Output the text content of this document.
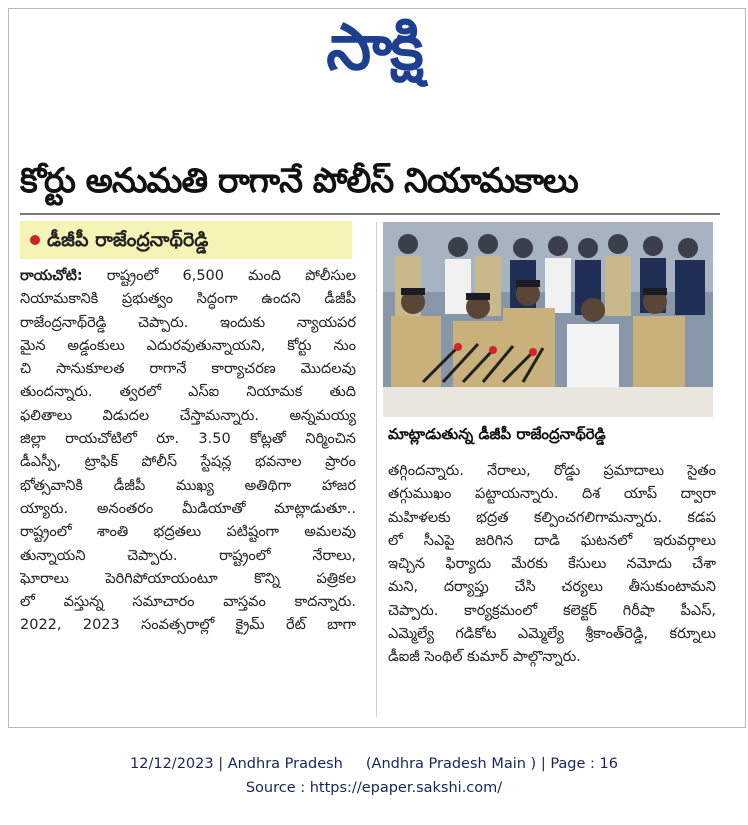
సాక్షి
కోర్టు అనుమతి రాగానే పోలీస్ నియామకాలు
డీజీపీ రాజేంద్రనాథ్‌రెడ్డి
రాయచోటి: రాష్ట్రంలో 6,500 మంది పోలీసుల
నియామకానికి ప్రభుత్వం సిద్ధంగా ఉందని డీజీపీ
రాజేంద్రనాథ్‌రెడ్డి చెప్పారు. ఇందుకు న్యాయపర
మైన అడ్డంకులు ఎదురవుతున్నాయని, కోర్టు నుం
చి సానుకూలత రాగానే కార్యాచరణ మొదలవు
తుందన్నారు. త్వరలో ఎస్ఐ నియామక తుది
ఫలితాలు విడుదల చేస్తామన్నారు. అన్నమయ్య
జిల్లా రాయచోటిలో రూ. 3.50 కోట్లతో నిర్మించిన
డీఎస్పీ, ట్రాఫిక్ పోలీస్ స్టేషన్ల భవనాల ప్రారం
భోత్సవానికి డీజీపీ ముఖ్య అతిథిగా హాజర
య్యారు. అనంతరం మీడియాతో మాట్లాడుతూ..
రాష్ట్రంలో శాంతి భద్రతలు పటిష్టంగా అమలవు
తున్నాయని చెప్పారు. రాష్ట్రంలో నేరాలు,
ఘోరాలు పెరిగిపోయాయంటూ కొన్ని పత్రికల
లో వస్తున్న సమాచారం వాస్తవం కాదన్నారు.
2022, 2023 సంవత్సరాల్లో క్రైమ్ రేట్ బాగా
మాట్లాడుతున్న డీజీపీ రాజేంద్రనాథ్‌రెడ్డి
తగ్గిందన్నారు. నేరాలు, రోడ్డు ప్రమాదాలు సైతం
తగ్గుముఖం పట్టాయన్నారు. దిశ యాప్ ద్వారా
మహిళలకు భద్రత కల్పించగలిగామన్నారు. కడప
లో సీఎపై జరిగిన దాడి ఘటనలో ఇరువర్గాలు
ఇచ్చిన ఫిర్యాదు మేరకు కేసులు నమోదు చేశా
మని, దర్యాప్తు చేసి చర్యలు తీసుకుంటామని
చెప్పారు. కార్యక్రమంలో కలెక్టర్ గిరీషా పీఎస్,
ఎమ్మెల్యే గడికోట ఎమ్మెల్యే శ్రీకాంత్‌రెడ్డి, కర్నూలు
డీఐజీ సెంథిల్ కుమార్ పాల్గొన్నారు.
12/12/2023 | Andhra Pradesh     (Andhra Pradesh Main ) | Page : 16
Source : https://epaper.sakshi.com/
